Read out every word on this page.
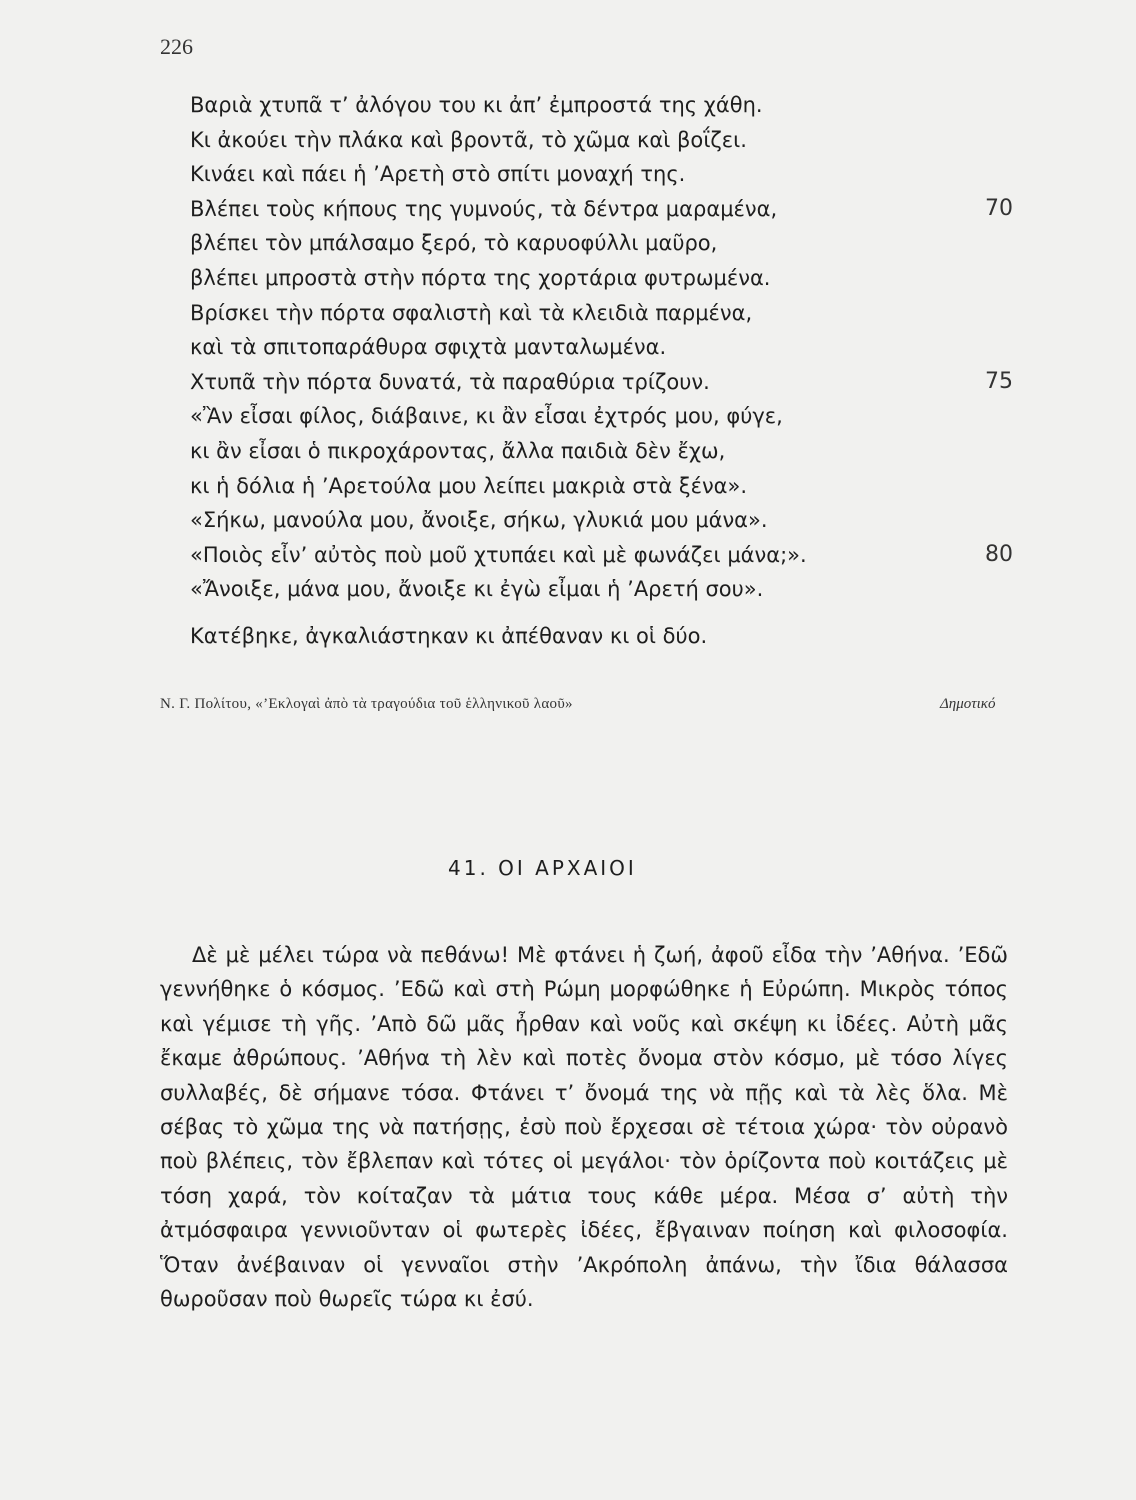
226
Βαριὰ χτυπᾶ τ’ ἀλόγου του κι ἀπ’ ἐμπροστά της χάθη.
Κι ἀκούει τὴν πλάκα καὶ βροντᾶ, τὸ χῶμα καὶ βοΐζει.
Κινάει καὶ πάει ἡ ’Αρετὴ στὸ σπίτι μοναχή της.
Βλέπει τοὺς κήπους της γυμνούς, τὰ δέντρα μαραμένα,	70
βλέπει τὸν μπάλσαμο ξερό, τὸ καρυοφύλλι μαῦρο,
βλέπει μπροστὰ στὴν πόρτα της χορτάρια φυτρωμένα.
Βρίσκει τὴν πόρτα σφαλιστὴ καὶ τὰ κλειδιὰ παρμένα,
καὶ τὰ σπιτοπαράθυρα σφιχτὰ μανταλωμένα.
Χτυπᾶ τὴν πόρτα δυνατά, τὰ παραθύρια τρίζουν.	75
«Ἂν εἶσαι φίλος, διάβαινε, κι ἂν εἶσαι ἐχτρός μου, φύγε,
κι ἂν εἶσαι ὁ πικροχάροντας, ἄλλα παιδιὰ δὲν ἔχω,
κι ἡ δόλια ἡ ’Αρετούλα μου λείπει μακριὰ στὰ ξένα».
«Σήκω, μανούλα μου, ἄνοιξε, σήκω, γλυκιά μου μάνα».
«Ποιὸς εἶν’ αὐτὸς ποὺ μοῦ χτυπάει καὶ μὲ φωνάζει μάνα;».	80
«Ἄνοιξε, μάνα μου, ἄνοιξε κι ἐγὼ εἶμαι ἡ ’Αρετή σου».
Κατέβηκε, ἀγκαλιάστηκαν κι ἀπέθαναν κι οἱ δύο.
Ν. Γ. Πολίτου, «’Εκλογαὶ ἀπὸ τὰ τραγούδια τοῦ ἑλληνικοῦ λαοῦ»	Δημοτικό
41. ΟΙ ΑΡΧΑΙΟΙ
Δὲ μὲ μέλει τώρα νὰ πεθάνω! Μὲ φτάνει ἡ ζωή, ἀφοῦ εἶδα τὴν ’Αθήνα. ’Εδῶ γεννήθηκε ὁ κόσμος. ’Εδῶ καὶ στὴ Ρώμη μορφώθηκε ἡ Εὐρώπη. Μικρὸς τόπος καὶ γέμισε τὴ γῆς. ’Απὸ δῶ μᾶς ἦρθαν καὶ νοῦς καὶ σκέψη κι ἰδέες. Αὐτὴ μᾶς ἔκαμε ἀθρώπους. ’Αθήνα τὴ λὲν καὶ ποτὲς ὄνομα στὸν κόσμο, μὲ τόσο λίγες συλλαβές, δὲ σήμανε τόσα. Φτάνει τ’ ὄνομά της νὰ πῇς καὶ τὰ λὲς ὅλα. Μὲ σέβας τὸ χῶμα της νὰ πατήσῃς, ἐσὺ ποὺ ἔρχεσαι σὲ τέτοια χώρα· τὸν οὐρανὸ ποὺ βλέπεις, τὸν ἔβλεπαν καὶ τότες οἱ μεγάλοι· τὸν ὁρίζοντα ποὺ κοιτάζεις μὲ τόση χαρά, τὸν κοίταζαν τὰ μάτια τους κάθε μέρα. Μέσα σ’ αὐτὴ τὴν ἀτμόσφαιρα γεννιοῦνταν οἱ φωτερὲς ἰδέες, ἔβγαιναν ποίηση καὶ φιλοσοφία. Ὅταν ἀνέβαιναν οἱ γενναῖοι στὴν ’Ακρόπολη ἀπάνω, τὴν ἴδια θάλασσα θωροῦσαν ποὺ θωρεῖς τώρα κι ἐσύ.
